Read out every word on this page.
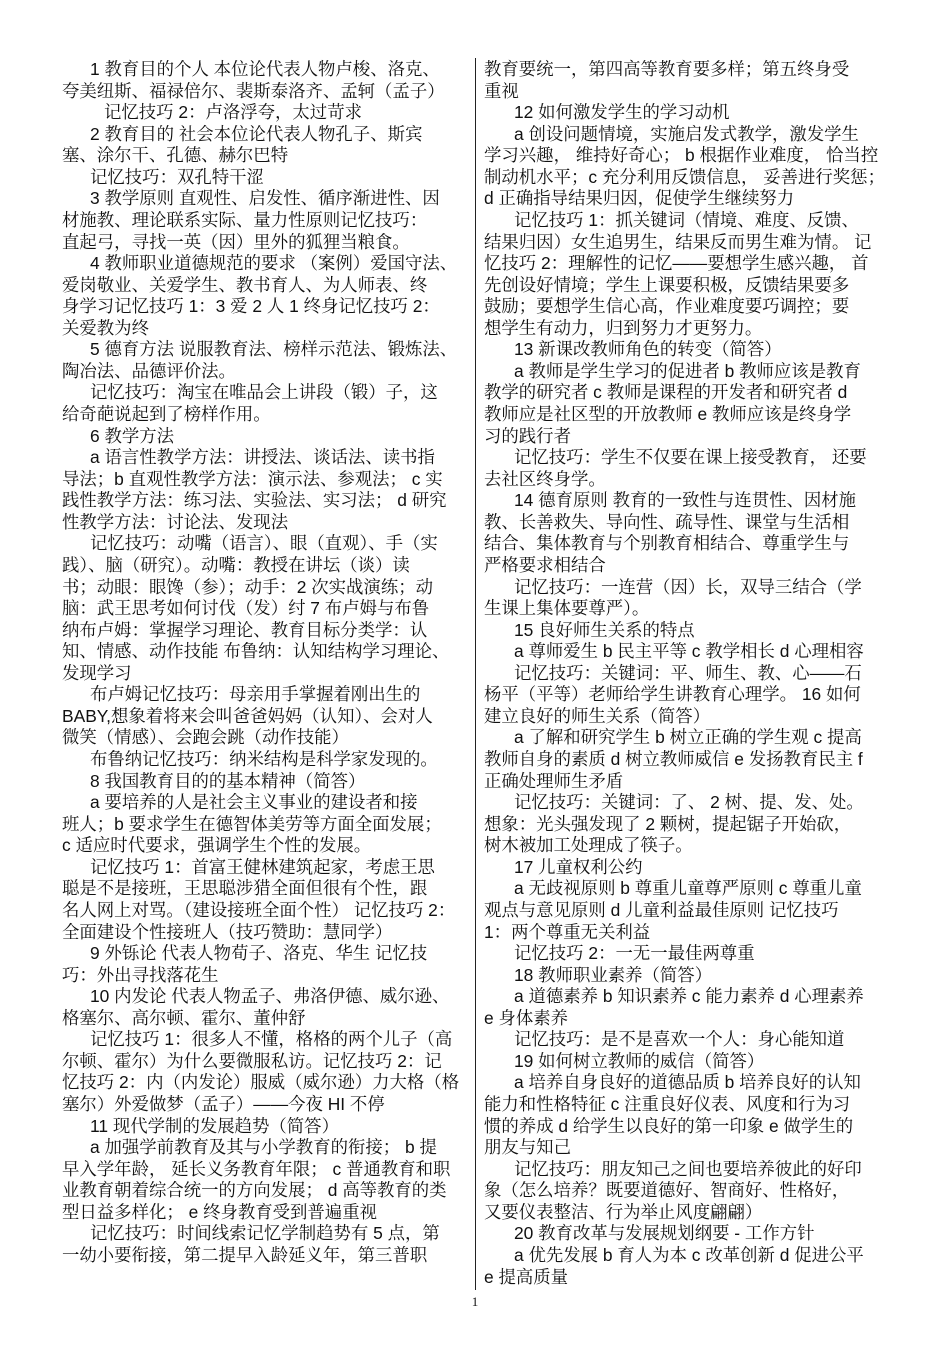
1 教育目的个人 本位论代表人物卢梭、洛克、
夸美纽斯、福禄倍尔、裴斯泰洛齐、孟轲（孟子）
记忆技巧 2：卢洛浮夸，太过苛求
2 教育目的 社会本位论代表人物孔子、斯宾
塞、涂尔干、孔德、赫尔巴特
记忆技巧：双孔特干涩
3 教学原则 直观性、启发性、循序渐进性、因
材施教、理论联系实际、量力性原则记忆技巧：
直起弓，寻找一英（因）里外的狐狸当粮食。
4 教师职业道德规范的要求 （案例）爱国守法、
爱岗敬业、关爱学生、教书育人、为人师表、终
身学习记忆技巧 1：3 爱 2 人 1 终身记忆技巧 2：
关爱教为终
5 德育方法 说服教育法、榜样示范法、锻炼法、
陶冶法、品德评价法。
记忆技巧：淘宝在唯品会上讲段（锻）子，这
给奇葩说起到了榜样作用。
6 教学方法
a 语言性教学方法：讲授法、谈话法、读书指
导法；b 直观性教学方法：演示法、参观法； c 实
践性教学方法：练习法、实验法、实习法； d 研究
性教学方法：讨论法、发现法
记忆技巧：动嘴（语言）、眼（直观）、手（实
践）、脑（研究）。动嘴：教授在讲坛（谈）读
书；动眼：眼馋（参）；动手：2 次实战演练；动
脑：武王思考如何讨伐（发）纣 7 布卢姆与布鲁
纳布卢姆：掌握学习理论、教育目标分类学：认
知、情感、动作技能 布鲁纳：认知结构学习理论、
发现学习
布卢姆记忆技巧：母亲用手掌握着刚出生的
BABY,想象着将来会叫爸爸妈妈（认知）、会对人
微笑（情感）、会跑会跳（动作技能）
布鲁纳记忆技巧：纳米结构是科学家发现的。
8 我国教育目的的基本精神（简答）
a 要培养的人是社会主义事业的建设者和接
班人；b 要求学生在德智体美劳等方面全面发展；
c 适应时代要求，强调学生个性的发展。
记忆技巧 1：首富王健林建筑起家，考虑王思
聪是不是接班，王思聪涉猎全面但很有个性，跟
名人网上对骂。（建设接班全面个性） 记忆技巧 2：
全面建设个性接班人（技巧赞助：慧同学）
9 外铄论 代表人物荀子、洛克、华生 记忆技
巧：外出寻找落花生
10 内发论 代表人物孟子、弗洛伊德、威尔逊、
格塞尔、高尔顿、霍尔、董仲舒
记忆技巧 1：很多人不懂，格格的两个儿子（高
尔顿、霍尔）为什么要微服私访。记忆技巧 2：记
忆技巧 2：内（内发论）服威（威尔逊）力大格（格
塞尔）外爱做梦（孟子）——今夜 HI 不停
11 现代学制的发展趋势（简答）
a 加强学前教育及其与小学教育的衔接； b 提
早入学年龄， 延长义务教育年限； c 普通教育和职
业教育朝着综合统一的方向发展； d 高等教育的类
型日益多样化； e 终身教育受到普遍重视
记忆技巧：时间线索记忆学制趋势有 5 点，第
一幼小要衔接，第二提早入龄延义年，第三普职
教育要统一，第四高等教育要多样；第五终身受
重视
12 如何激发学生的学习动机
a 创设问题情境，实施启发式教学，激发学生
学习兴趣， 维持好奇心； b 根据作业难度， 恰当控
制动机水平；c 充分利用反馈信息， 妥善进行奖惩；
d 正确指导结果归因，促使学生继续努力
记忆技巧 1：抓关键词（情境、难度、反馈、
结果归因）女生追男生，结果反而男生难为情。 记
忆技巧 2：理解性的记忆——要想学生感兴趣， 首
先创设好情境；学生上课要积极，反馈结果要多
鼓励；要想学生信心高，作业难度要巧调控；要
想学生有动力，归到努力才更努力。
13 新课改教师角色的转变（简答）
a 教师是学生学习的促进者 b 教师应该是教育
教学的研究者 c 教师是课程的开发者和研究者 d
教师应是社区型的开放教师 e 教师应该是终身学
习的践行者
记忆技巧：学生不仅要在课上接受教育， 还要
去社区终身学。
14 德育原则 教育的一致性与连贯性、因材施
教、长善救失、导向性、疏导性、课堂与生活相
结合、集体教育与个别教育相结合、尊重学生与
严格要求相结合
记忆技巧：一连营（因）长，双导三结合（学
生课上集体要尊严）。
15 良好师生关系的特点
a 尊师爱生 b 民主平等 c 教学相长 d 心理相容
记忆技巧：关键词：平、师生、教、心——石
杨平（平等）老师给学生讲教育心理学。 16 如何
建立良好的师生关系（简答）
a 了解和研究学生 b 树立正确的学生观 c 提高
教师自身的素质 d 树立教师威信 e 发扬教育民主 f
正确处理师生矛盾
记忆技巧：关键词：了、 2 树、提、发、处。
想象：光头强发现了 2 颗树，提起锯子开始砍，
树木被加工处理成了筷子。
17 儿童权利公约
a 无歧视原则 b 尊重儿童尊严原则 c 尊重儿童
观点与意见原则 d 儿童利益最佳原则 记忆技巧
1：两个尊重无关利益
记忆技巧 2：一无一最佳两尊重
18 教师职业素养（简答）
a 道德素养 b 知识素养 c 能力素养 d 心理素养
e 身体素养
记忆技巧：是不是喜欢一个人：身心能知道
19 如何树立教师的威信（简答）
a 培养自身良好的道德品质 b 培养良好的认知
能力和性格特征 c 注重良好仪表、风度和行为习
惯的养成 d 给学生以良好的第一印象 e 做学生的
朋友与知己
记忆技巧：朋友知己之间也要培养彼此的好印
象（怎么培养？既要道德好、智商好、性格好，
又要仪表整洁、行为举止风度翩翩）
20 教育改革与发展规划纲要 - 工作方针
a 优先发展 b 育人为本 c 改革创新 d 促进公平
e 提高质量
1
